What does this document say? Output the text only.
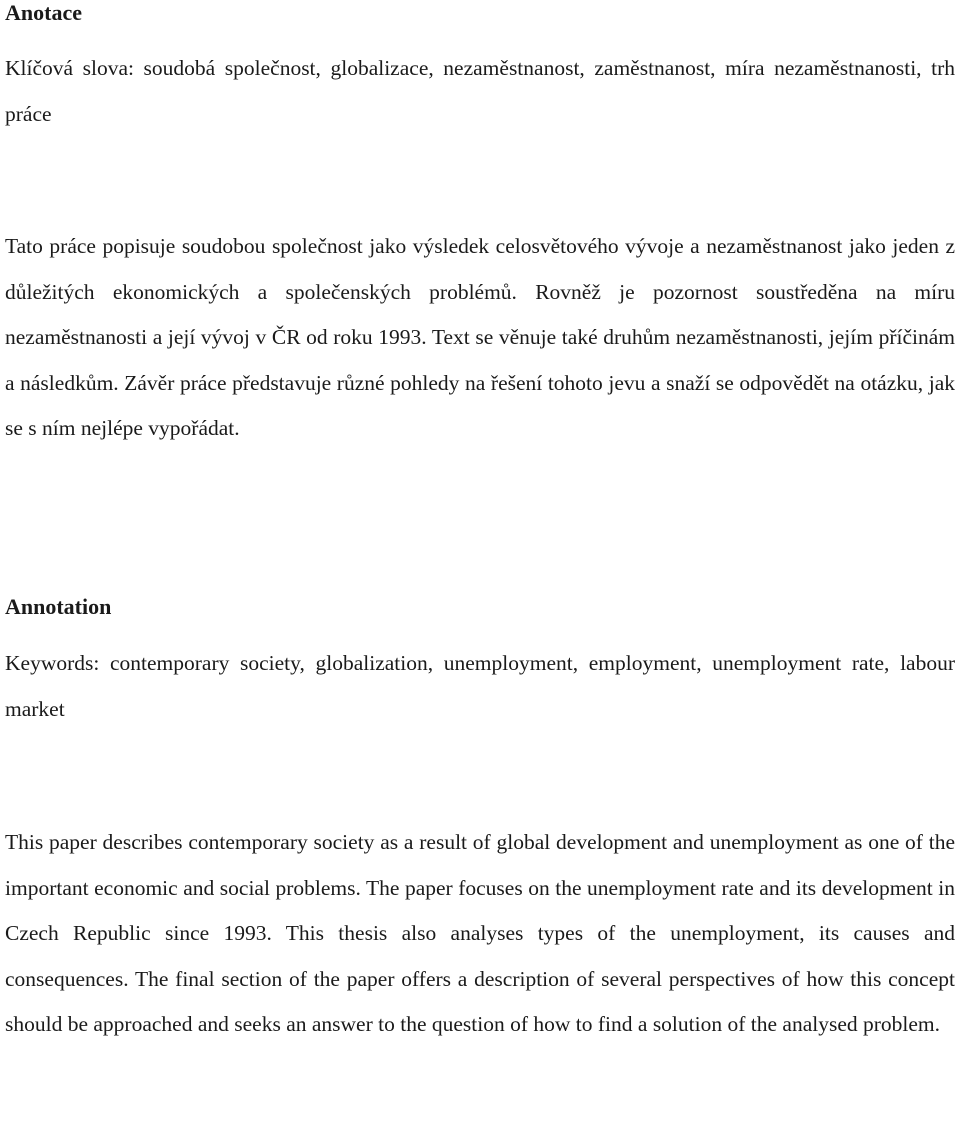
Anotace

Klíčová slova: soudobá společnost, globalizace, nezaměstnanost, zaměstnanost, míra nezaměstnanosti, trh práce

Tato práce popisuje soudobou společnost jako výsledek celosvětového vývoje a nezaměstnanost jako jeden z důležitých ekonomických a společenských problémů. Rovněž je pozornost soustředěna na míru nezaměstnanosti a její vývoj v ČR od roku 1993. Text se věnuje také druhům nezaměstnanosti, jejím příčinám a následkům. Závěr práce představuje různé pohledy na řešení tohoto jevu a snaží se odpovědět na otázku, jak se s ním nejlépe vypořádat.

Annotation

Keywords: contemporary society, globalization, unemployment, employment, unemployment rate, labour market

This paper describes contemporary society as a result of global development and unemployment as one of the important economic and social problems. The paper focuses on the unemployment rate and its development in Czech Republic since 1993. This thesis also analyses types of the unemployment, its causes and consequences. The final section of the paper offers a description of several perspectives of how this concept should be approached and seeks an answer to the question of how to find a solution of the analysed problem.
